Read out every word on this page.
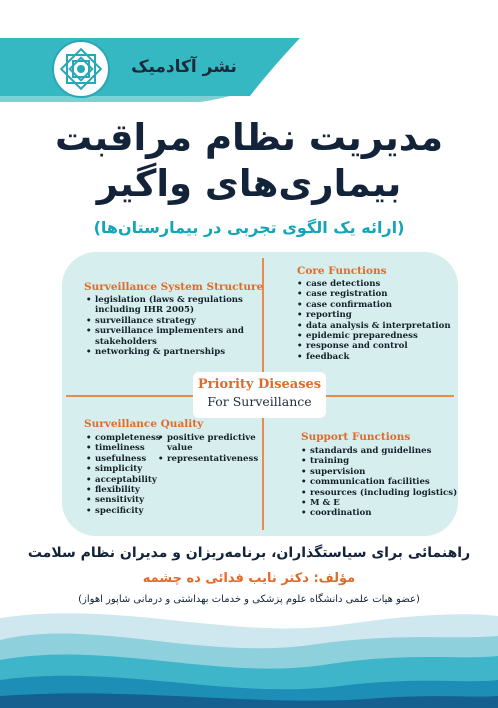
نشر آکادمیک
مدیریت نظام مراقبت
بیماری‌های واگیر
(ارائه یک الگوی تجربی در بیمارستان‌ها)
Surveillance System Structure
• legislation (laws & regulations including IHR 2005)
• surveillance strategy
• surveillance implementers and stakeholders
• networking & partnerships
Core Functions
• case detections
• case registration
• case confirmation
• reporting
• data analysis & interpretation
• epidemic preparedness
• response and control
• feedback
Priority Diseases
For Surveillance
Surveillance Quality
• completeness
• timeliness
• usefulness
• simplicity
• acceptability
• flexibility
• sensitivity
• specificity
• positive predictive value
• representativeness
Support Functions
• standards and guidelines
• training
• supervision
• communication facilities
• resources (including logistics)
• M & E
• coordination
راهنمائی برای سیاستگذاران، برنامه‌ریزان و مدیران نظام سلامت
مؤلف: دکتر نایب فدائی ده چشمه
(عضو هیات علمی دانشگاه علوم پزشکی و خدمات بهداشتی و درمانی شاپور اهواز)
